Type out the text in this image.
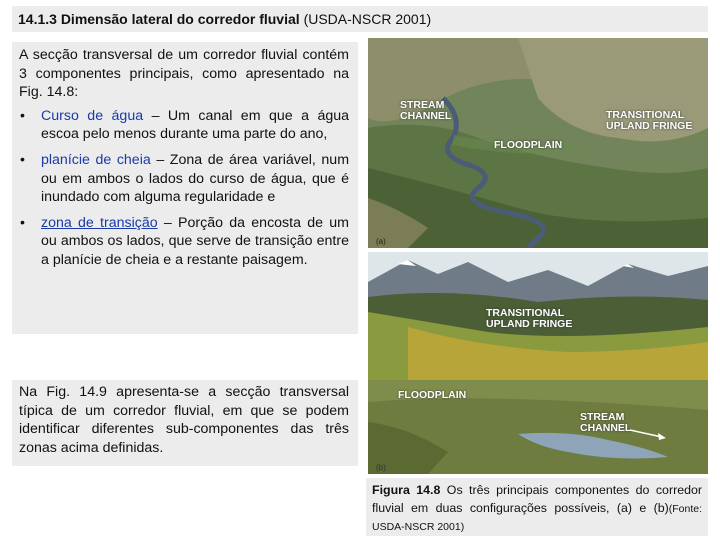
14.1.3 Dimensão lateral do corredor fluvial (USDA-NSCR 2001)

A secção transversal de um corredor fluvial contém 3 componentes principais, como apresentado na Fig. 14.8:

• Curso de água – Um canal em que a água escoa pelo menos durante uma parte do ano,
• planície de cheia – Zona de área variável, num ou em ambos o lados do curso de água, que é inundado com alguma regularidade e
• zona de transição – Porção da encosta de um ou ambos os lados, que serve de transição entre a planície de cheia e a restante paisagem.

Na Fig. 14.9 apresenta-se a secção transversal típica de um corredor fluvial, em que se podem identificar diferentes sub-componentes das três zonas acima definidas.

STREAM
CHANNEL	TRANSITIONAL
UPLAND FRINGE
FLOODPLAIN
(a)
TRANSITIONAL
UPLAND FRINGE
FLOODPLAIN
STREAM
CHANNEL
(b)
Figura 14.8 Os três principais componentes do corredor fluvial em duas configurações possíveis, (a) e (b)(Fonte: USDA-NSCR 2001)
